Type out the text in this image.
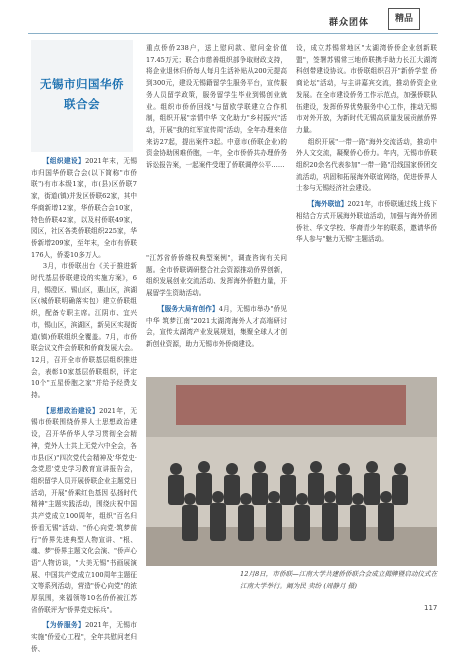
群众团体	精品
无锡市归国华侨
联合会

【组织建设】2021年末，无锡市归国华侨联合会(以下简称"市侨联")有市本级1家，市(县)区侨联7家，街道(镇)并发区侨联62家，其中华商新增12家，华侨联合会10家，特色侨联42家，以及村侨联49家，园区，社区各类侨联组织225家，华侨新增209家，至年末，全市有侨联176人，侨委10多万人。

3月，市侨联出台《关于推进新时代基层侨联建设的实施方案》，6月，锡澄区、锡山区，惠山区，滨湖区(城侨联明确落实包）建立侨联组织，配备专职主席。江阴市、宜兴市，锡山区，滨湖区，新吴区实现街道(镇)侨联组织全覆盖。7月，市侨联会议文件会侨联和侨商发展大会。12月，召开全市侨联基层组织推进会，表彰10家基层侨联组织，评定10个"五星侨胞之家"并给予经费支持。

【思想政治建设】2021年，无锡市侨联围绕侨界人士思想政治建设，召开华侨华人学习贯彻全会精神，党外人士共上无党六中全会，各市县(区)"四次党代会精神及'华党史·念党恩'党史学习教育宣讲报告会，组织留学人员开展侨联企业主题党日活动，开展"侨乘红色基因 弘扬时代精神"主题实践活动，围绕庆祝中国共产党成立100周年，组织"百名归侨看无锡"活动、"侨心向党·筑梦前行"侨界先进典型人物宣讲、"根、魂、梦"侨界主题文化会演、"侨声心语"人物访谈，"大美无锡"书画展演展、中国共产党成立100周年主题征文等系列活动，营造"侨心向党"的浓厚氛围，来福领等10名侨侨被江苏省侨联评为"侨界党史标兵"。

【为侨服务】2021年，无锡市实施"侨爱心工程"，全年共慰问老归侨、

重点侨侨238户，送上慰问款、慰问金价值17.45万元；联合市慈善组织部争取财政支持，将企业退休归侨每人每月生活补贴从200元提高到300元，建设无锡籍留学生服务平台，宣传服务人员留学政策，服务留学生毕业到锡创业就业。组织市侨侨回线"与留欧学联建立合作机制，组织开展"亲情中华 文化助力"乡村振兴"活动，开展"我的红军宣传周"活动，全年办理来信来访27起，提出案件3起。中意市(侨联企业)的资金协助困难侨胞，一年，全市侨侨共办理侨务诉讼报告案，一起案件受理了侨联调停公平……

"江苏省侨侨维权典型案例"，调查咨询有关问题。全市侨联调研整合社会资源推动侨界创新，组织发展创业交流活动、发挥海外侨胞力量，开展留学生资助活动。

【服务大局有创作】4月，无锡市举办"侨见中华 筑梦江南"2021太湖湾海外人才高端研讨会，宣传太湖湾产业发展规划，集聚全球人才创新创业资源，助力无锡市外侨商建设。

设，成立苏锡常地区"太湖湾侨侨企业创新联盟"，签署苏锡常三地侨联携手助力长江大湖湾科创带建设协议。市侨联组织召开"新侨学堂 侨商论坛"活动，与主讲嘉宾交流，推动侨资企业发展。在全市建设侨务工作示范点，加强侨联队伍建设，发挥侨界优势服务中心工作，推动无锡市对外开放，为新时代无锡高质量发展贡献侨界力量。

组织开展"一带一路"海外交流活动，推动中外人文交流，凝聚侨心侨力。年内，无锡市侨联组织20余名代表参加"一带一路"沿线国家侨团交流活动，巩固和拓展海外联谊网络，促进侨界人士参与无锡经济社会建设。

【海外联谊】2021年，市侨联通过线上线下相结合方式开展海外联谊活动，加强与海外侨团侨社、华文学校、华裔青少年的联系，邀请华侨华人参与"魅力无锡"主题活动。

12月8日，市侨联—江南大学共建侨侨联合会成立揭牌暨启动仪式在江南大学举行。阚为民 卖纷 (周静月 摄)
117
